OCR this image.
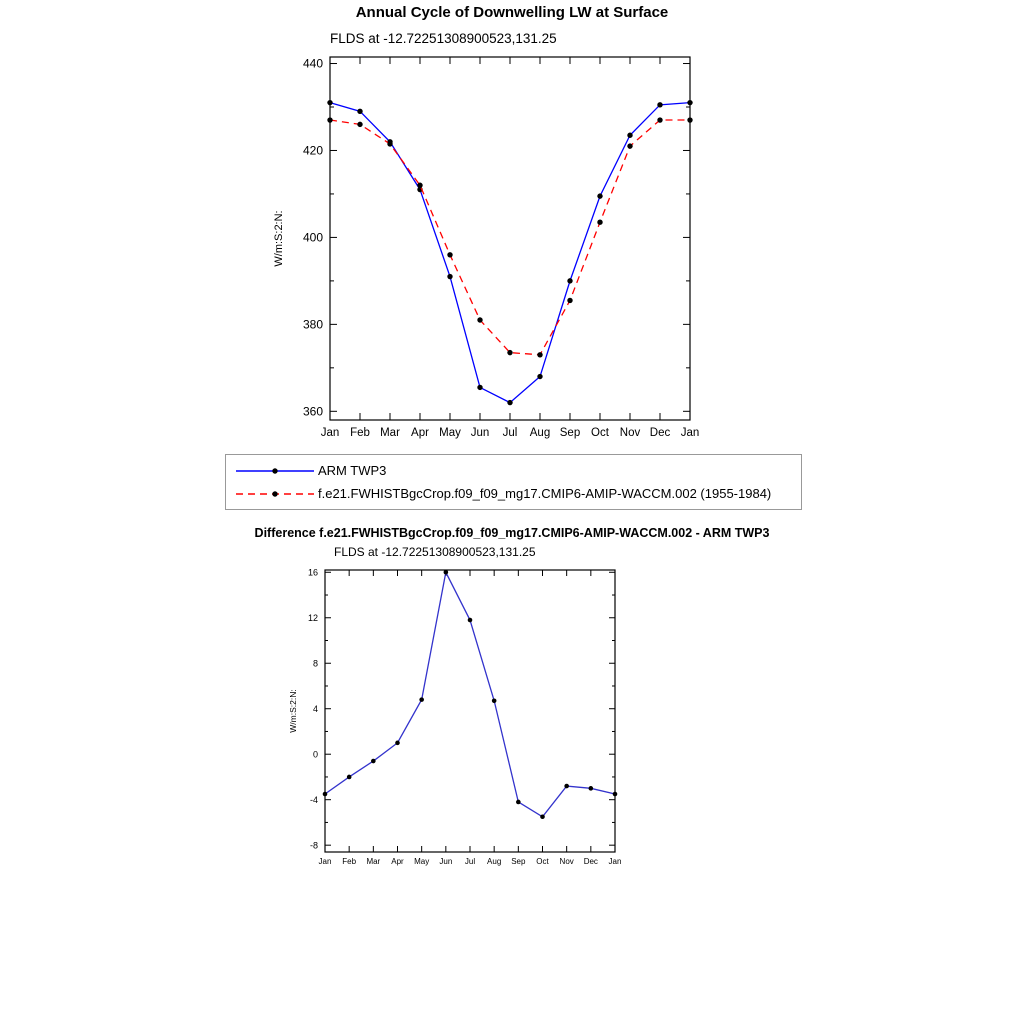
Annual Cycle of Downwelling LW at Surface
FLDS at -12.72251308900523,131.25
Jan Feb Mar Apr May Jun Jul Aug Sep Oct Nov Dec Jan
360
380
400
420
440
W/m:S:2:N:
ARM TWP3
f.e21.FWHISTBgcCrop.f09_f09_mg17.CMIP6-AMIP-WACCM.002 (1955-1984)
Difference f.e21.FWHISTBgcCrop.f09_f09_mg17.CMIP6-AMIP-WACCM.002 - ARM TWP3
FLDS at -12.72251308900523,131.25
Jan Feb Mar Apr May Jun Jul Aug Sep Oct Nov Dec Jan
-8
-4
0
4
8
12
16
W/m:S:2:N:
